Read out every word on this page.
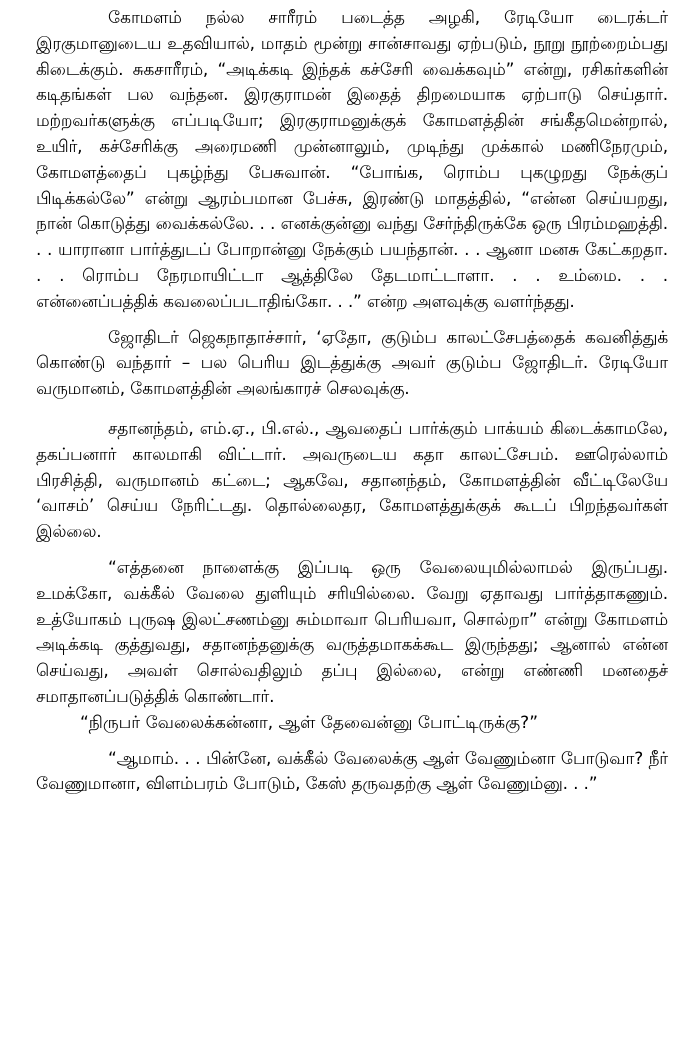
கோமளம் நல்ல சாரீரம் படைத்த அழகி, ரேடியோ டைரக்டர் இரகுமானுடைய உதவியால், மாதம் மூன்று சான்சாவது ஏற்படும், நூறு நூற்றைம்பது கிடைக்கும். சுகசாரீரம், “அடிக்கடி இந்தக் கச்சேரி வைக்கவும்” என்று, ரசிகர்களின் கடிதங்கள் பல வந்தன. இரகுராமன் இதைத் திறமையாக ஏற்பாடு செய்தார். மற்றவர்களுக்கு எப்படியோ; இரகுராமனுக்குக் கோமளத்தின் சங்கீதமென்றால், உயிர், கச்சேரிக்கு அரைமணி முன்னாலும், முடிந்து முக்கால் மணிநேரமும், கோமளத்தைப் புகழ்ந்து பேசுவான். “போங்க, ரொம்ப புகழுறது நேக்குப் பிடிக்கல்லே” என்று ஆரம்பமான பேச்சு, இரண்டு மாதத்தில், “என்ன செய்யறது, நான் கொடுத்து வைக்கல்லே. . . எனக்குன்னு வந்து சேர்ந்திருக்கே ஒரு பிரம்மஹத்தி. . . யாரானா பார்த்துடப் போறான்னு நேக்கும் பயந்தான். . . ஆனா மனசு கேட்கறதா. . . ரொம்ப நேரமாயிட்டா ஆத்திலே தேடமாட்டாளா. . . உம்மை. . . என்னைப்பத்திக் கவலைப்படாதிங்கோ. . .” என்ற அளவுக்கு வளர்ந்தது.

ஜோதிடர் ஜெகநாதாச்சார், ‘ஏதோ, குடும்ப காலட்சேபத்தைக் கவனித்துக் கொண்டு வந்தார் – பல பெரிய இடத்துக்கு அவர் குடும்ப ஜோதிடர். ரேடியோ வருமானம், கோமளத்தின் அலங்காரச் செலவுக்கு.

சதானந்தம், எம்.ஏ., பி.எல்., ஆவதைப் பார்க்கும் பாக்யம் கிடைக்காமலே, தகப்பனார் காலமாகி விட்டார். அவருடைய கதா காலட்சேபம். ஊரெல்லாம் பிரசித்தி, வருமானம் கட்டை; ஆகவே, சதானந்தம், கோமளத்தின் வீட்டிலேயே ‘வாசம்’ செய்ய நேரிட்டது. தொல்லைதர, கோமளத்துக்குக் கூடப் பிறந்தவர்கள் இல்லை.

“எத்தனை நாளைக்கு இப்படி ஒரு வேலையுமில்லாமல் இருப்பது. உமக்கோ, வக்கீல் வேலை துளியும் சரியில்லை. வேறு ஏதாவது பார்த்தாகணும். உத்யோகம் புருஷ இலட்சணம்னு சும்மாவா பெரியவா, சொல்றா” என்று கோமளம் அடிக்கடி குத்துவது, சதானந்தனுக்கு வருத்தமாகக்கூட இருந்தது; ஆனால் என்ன செய்வது, அவள் சொல்வதிலும் தப்பு இல்லை, என்று எண்ணி மனதைச் சமாதானப்படுத்திக் கொண்டார்.

“நிருபர் வேலைக்கன்னா, ஆள் தேவைன்னு போட்டிருக்கு?”

“ஆமாம். . . பின்னே, வக்கீல் வேலைக்கு ஆள் வேணும்னா போடுவா? நீர் வேணுமானா, விளம்பரம் போடும், கேஸ் தருவதற்கு ஆள் வேணும்னு. . .”
